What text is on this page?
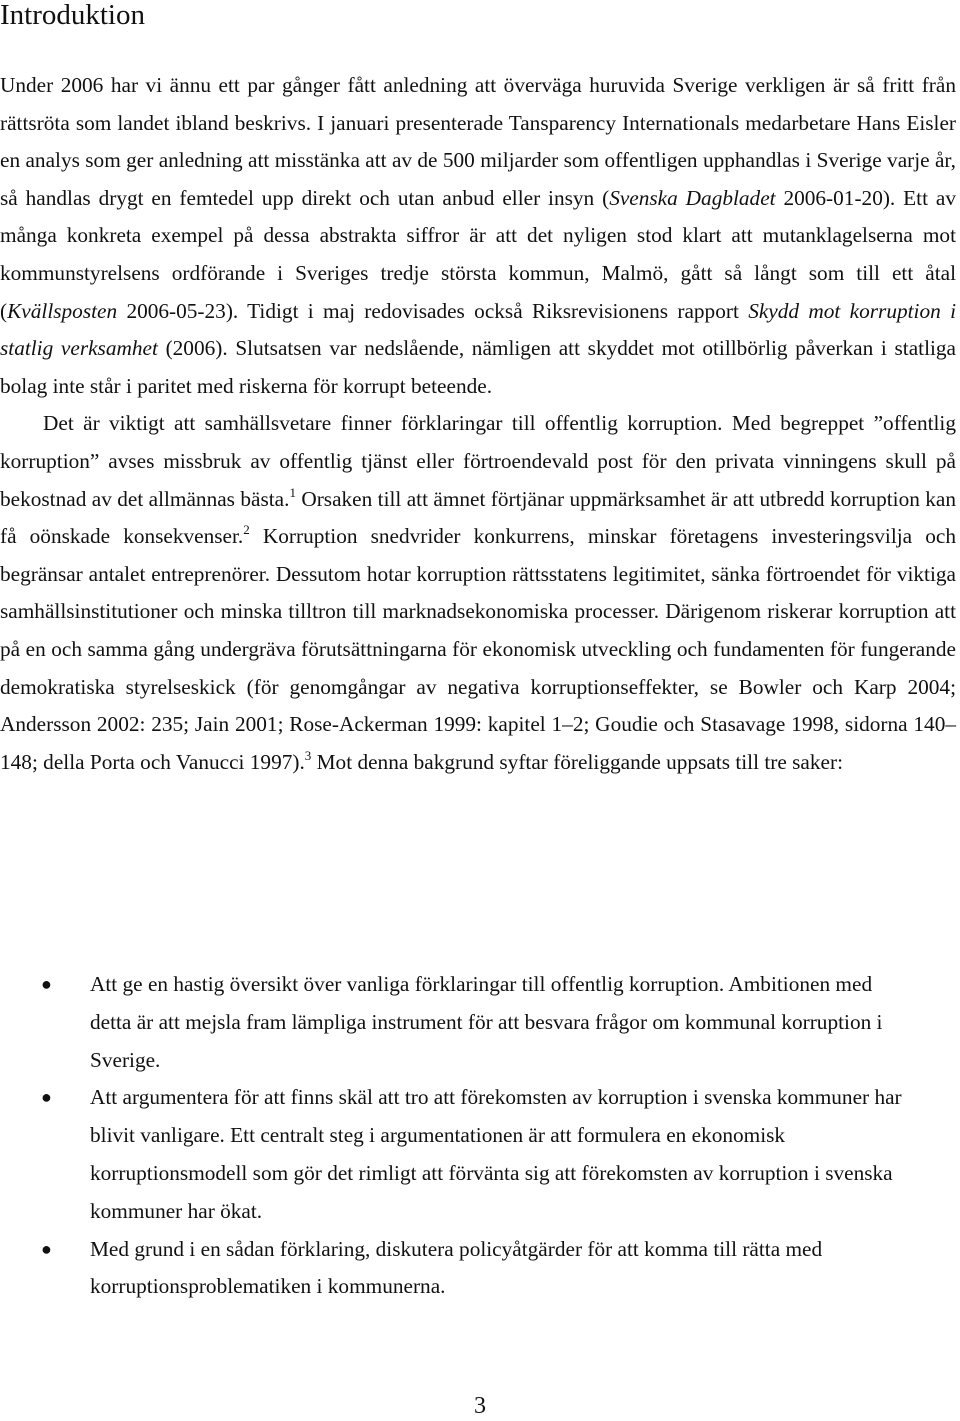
Introduktion

Under 2006 har vi ännu ett par gånger fått anledning att överväga huruvida Sverige verkligen är så fritt från rättsröta som landet ibland beskrivs. I januari presenterade Tansparency Internationals medarbetare Hans Eisler en analys som ger anledning att misstänka att av de 500 miljarder som offentligen upphandlas i Sverige varje år, så handlas drygt en femtedel upp direkt och utan anbud eller insyn (Svenska Dagbladet 2006-01-20). Ett av många konkreta exempel på dessa abstrakta siffror är att det nyligen stod klart att mutanklagelserna mot kommunstyrelsens ordförande i Sveriges tredje största kommun, Malmö, gått så långt som till ett åtal (Kvällsposten 2006-05-23). Tidigt i maj redovisades också Riksrevisionens rapport Skydd mot korruption i statlig verksamhet (2006). Slutsatsen var nedslående, nämligen att skyddet mot otillbörlig påverkan i statliga bolag inte står i paritet med riskerna för korrupt beteende.

Det är viktigt att samhällsvetare finner förklaringar till offentlig korruption. Med begreppet ”offentlig korruption” avses missbruk av offentlig tjänst eller förtroendevald post för den privata vinningens skull på bekostnad av det allmännas bästa.$^1$ Orsaken till att ämnet förtjänar uppmärksamhet är att utbredd korruption kan få oönskade konsekvenser.$^2$ Korruption snedvrider konkurrens, minskar företagens investeringsvilja och begränsar antalet entreprenörer. Dessutom hotar korruption rättsstatens legitimitet, sänka förtroendet för viktiga samhällsinstitutioner och minska tilltron till marknadsekonomiska processer. Därigenom riskerar korruption att på en och samma gång undergräva förutsättningarna för ekonomisk utveckling och fundamenten för fungerande demokratiska styrelseskick (för genomgångar av negativa korruptionseffekter, se Bowler och Karp 2004; Andersson 2002: 235; Jain 2001; Rose-Ackerman 1999: kapitel 1–2; Goudie och Stasavage 1998, sidorna 140–148; della Porta och Vanucci 1997).$^3$ Mot denna bakgrund syftar föreliggande uppsats till tre saker:

● Att ge en hastig översikt över vanliga förklaringar till offentlig korruption. Ambitionen med detta är att mejsla fram lämpliga instrument för att besvara frågor om kommunal korruption i Sverige.
● Att argumentera för att finns skäl att tro att förekomsten av korruption i svenska kommuner har blivit vanligare. Ett centralt steg i argumentationen är att formulera en ekonomisk korruptionsmodell som gör det rimligt att förvänta sig att förekomsten av korruption i svenska kommuner har ökat.
● Med grund i en sådan förklaring, diskutera policyåtgärder för att komma till rätta med korruptionsproblematiken i kommunerna.
3
